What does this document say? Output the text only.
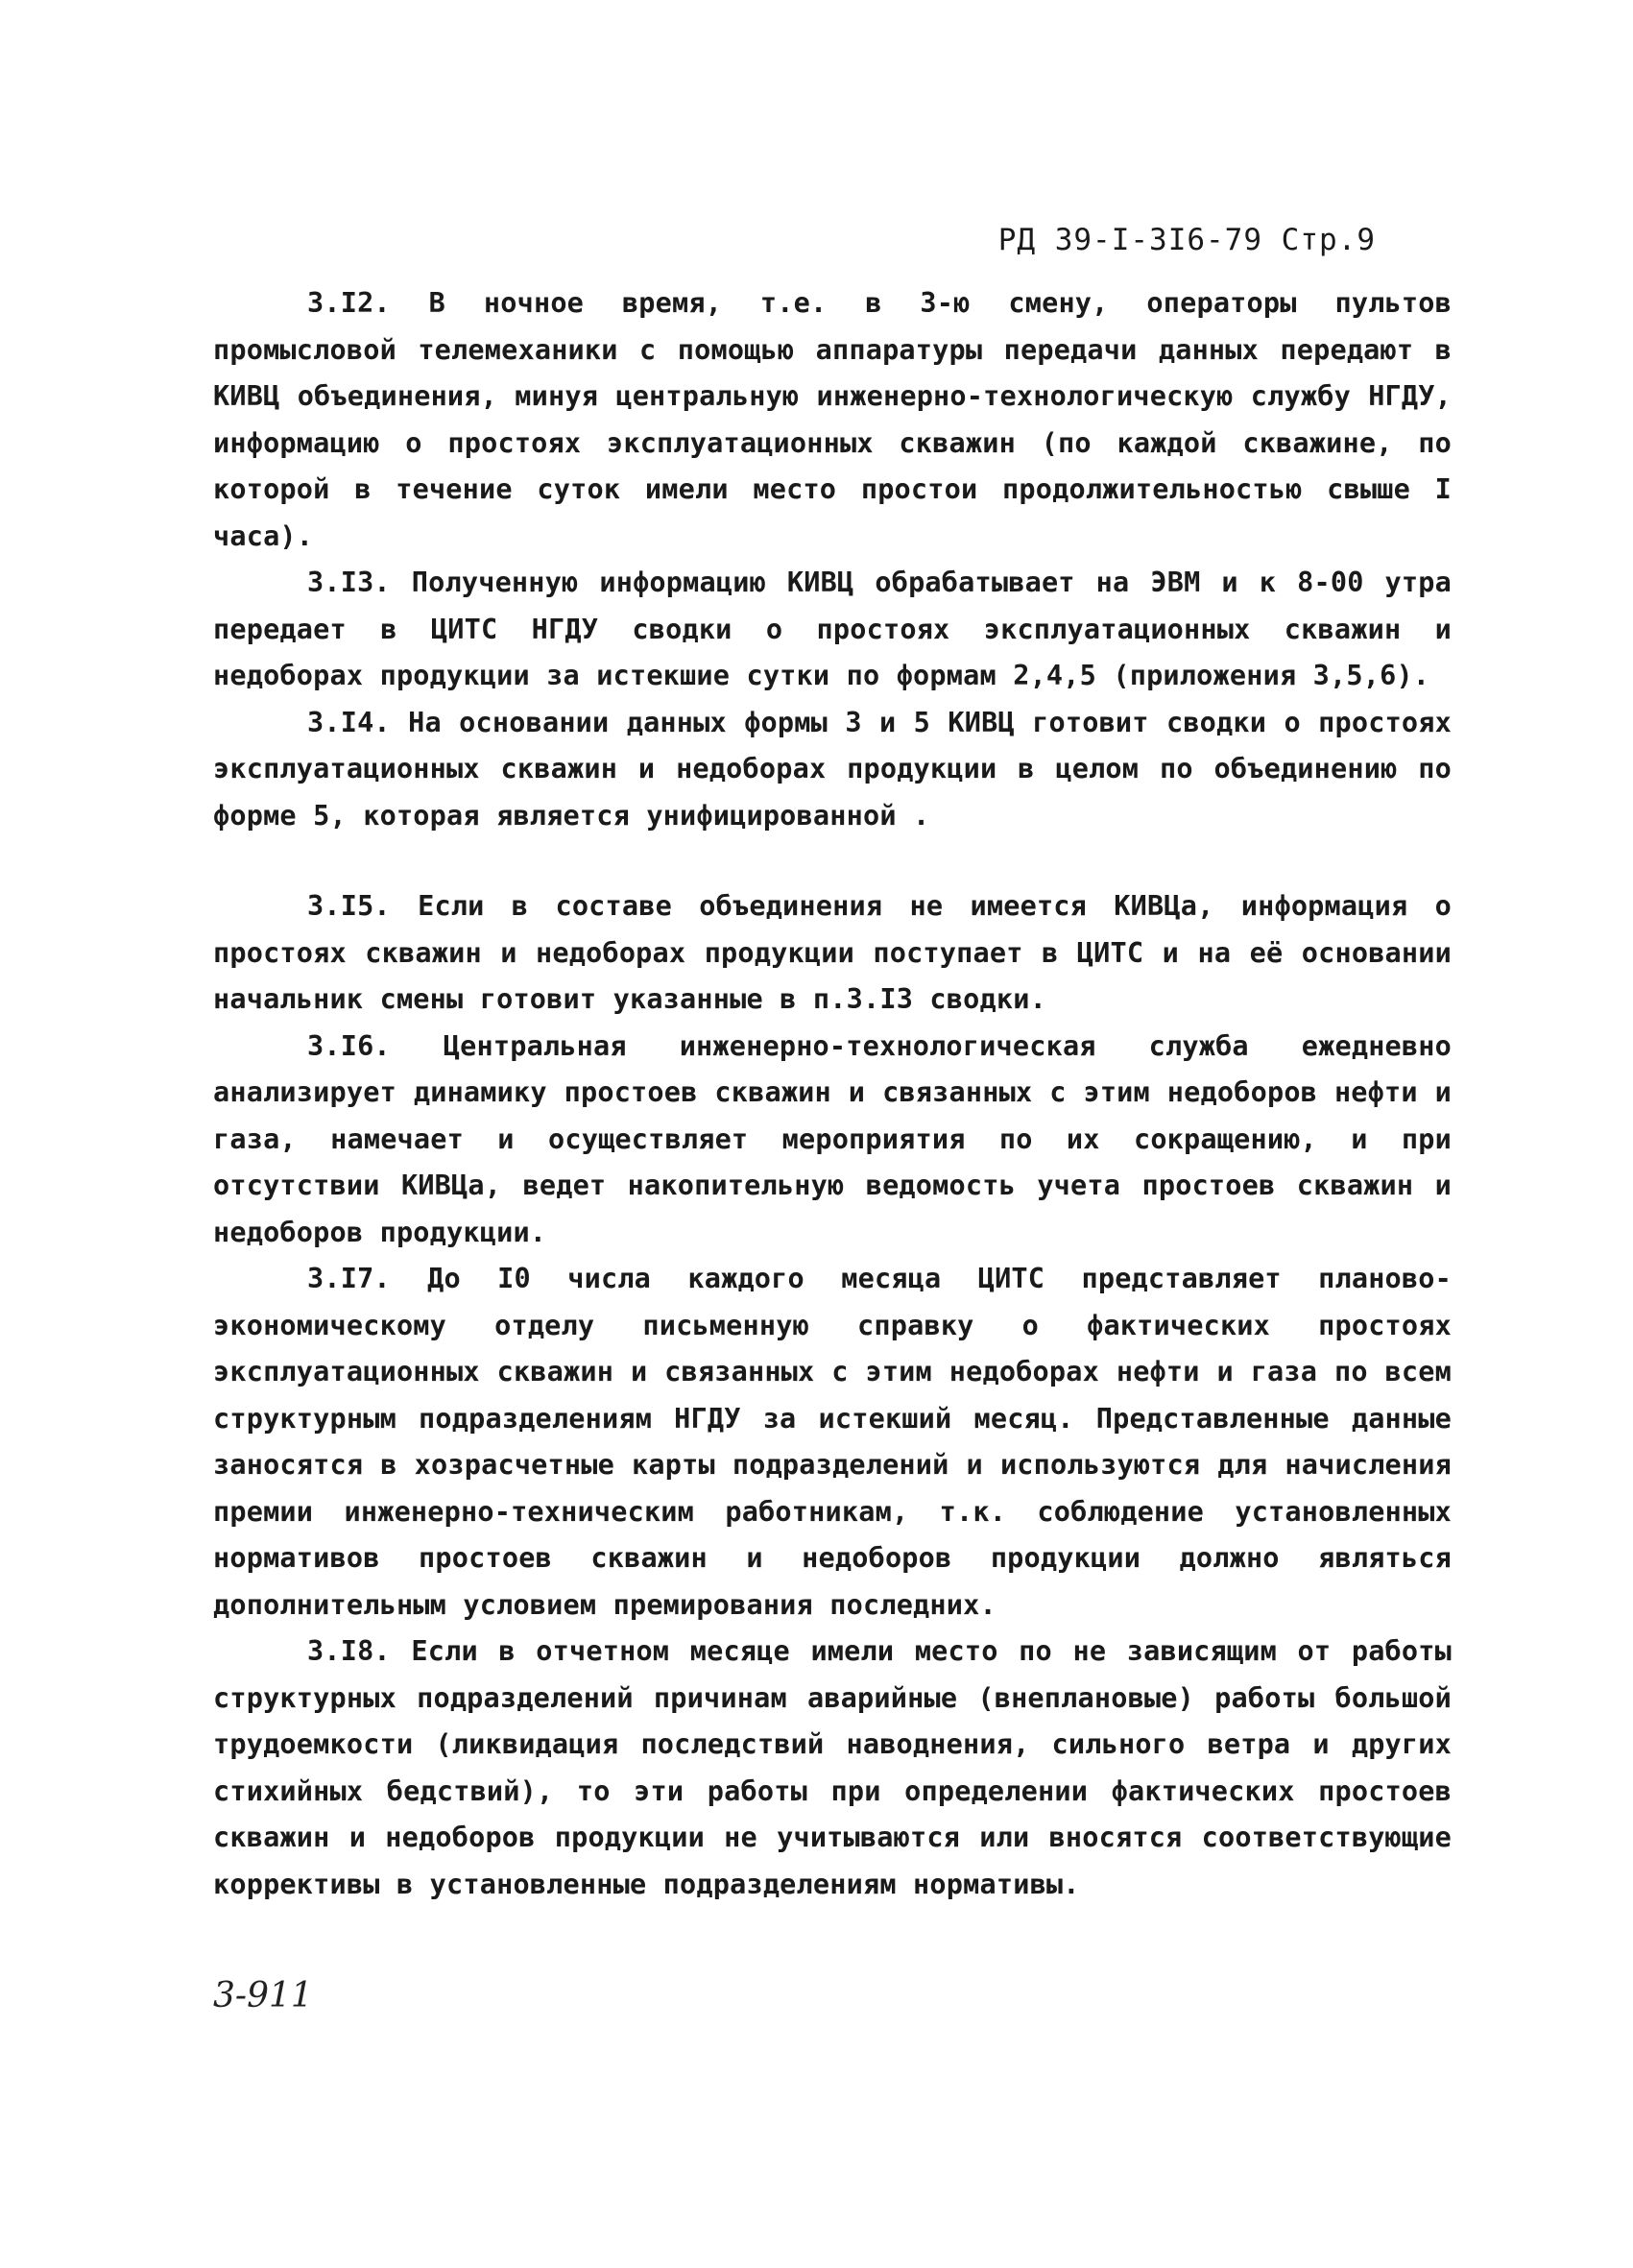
РД 39-I-3I6-79 Стр.9

3.I2. В ночное время, т.е. в 3-ю смену, операторы пультов промысловой телемеханики с помощью аппаратуры передачи данных передают в КИВЦ объединения, минуя центральную инженерно-технологическую службу НГДУ, информацию о простоях эксплуатационных скважин (по каждой скважине, по которой в течение суток имели место простои продолжительностью свыше I часа).

3.I3. Полученную информацию КИВЦ обрабатывает на ЭВМ и к 8-00 утра передает в ЦИТС НГДУ сводки о простоях эксплуатационных скважин и недоборах продукции за истекшие сутки по формам 2,4,5 (приложения 3,5,6).

3.I4. На основании данных формы 3 и 5 КИВЦ готовит сводки о простоях эксплуатационных скважин и недоборах продукции в целом по объединению по форме 5, которая является унифицированной .

3.I5. Если в составе объединения не имеется КИВЦа, информация о простоях скважин и недоборах продукции поступает в ЦИТС и на её основании начальник смены готовит указанные в п.3.I3 сводки.

3.I6. Центральная инженерно-технологическая служба ежедневно анализирует динамику простоев скважин и связанных с этим недоборов нефти и газа, намечает и осуществляет мероприятия по их сокращению, и при отсутствии КИВЦа, ведет накопительную ведомость учета простоев скважин и недоборов продукции.

3.I7. До I0 числа каждого месяца ЦИТС представляет планово-экономическому отделу письменную справку о фактических простоях эксплуатационных скважин и связанных с этим недоборах нефти и газа по всем структурным подразделениям НГДУ за истекший месяц. Представленные данные заносятся в хозрасчетные карты подразделений и используются для начисления премии инженерно-техническим работникам, т.к. соблюдение установленных нормативов простоев скважин и недоборов продукции должно являться дополнительным условием премирования последних.

3.I8. Если в отчетном месяце имели место по не зависящим от работы структурных подразделений причинам аварийные (внеплановые) работы большой трудоемкости (ликвидация последствий наводнения, сильного ветра и других стихийных бедствий), то эти работы при определении фактических простоев скважин и недоборов продукции не учитываются или вносятся соответствующие коррективы в установленные подразделениям нормативы.

3-911
